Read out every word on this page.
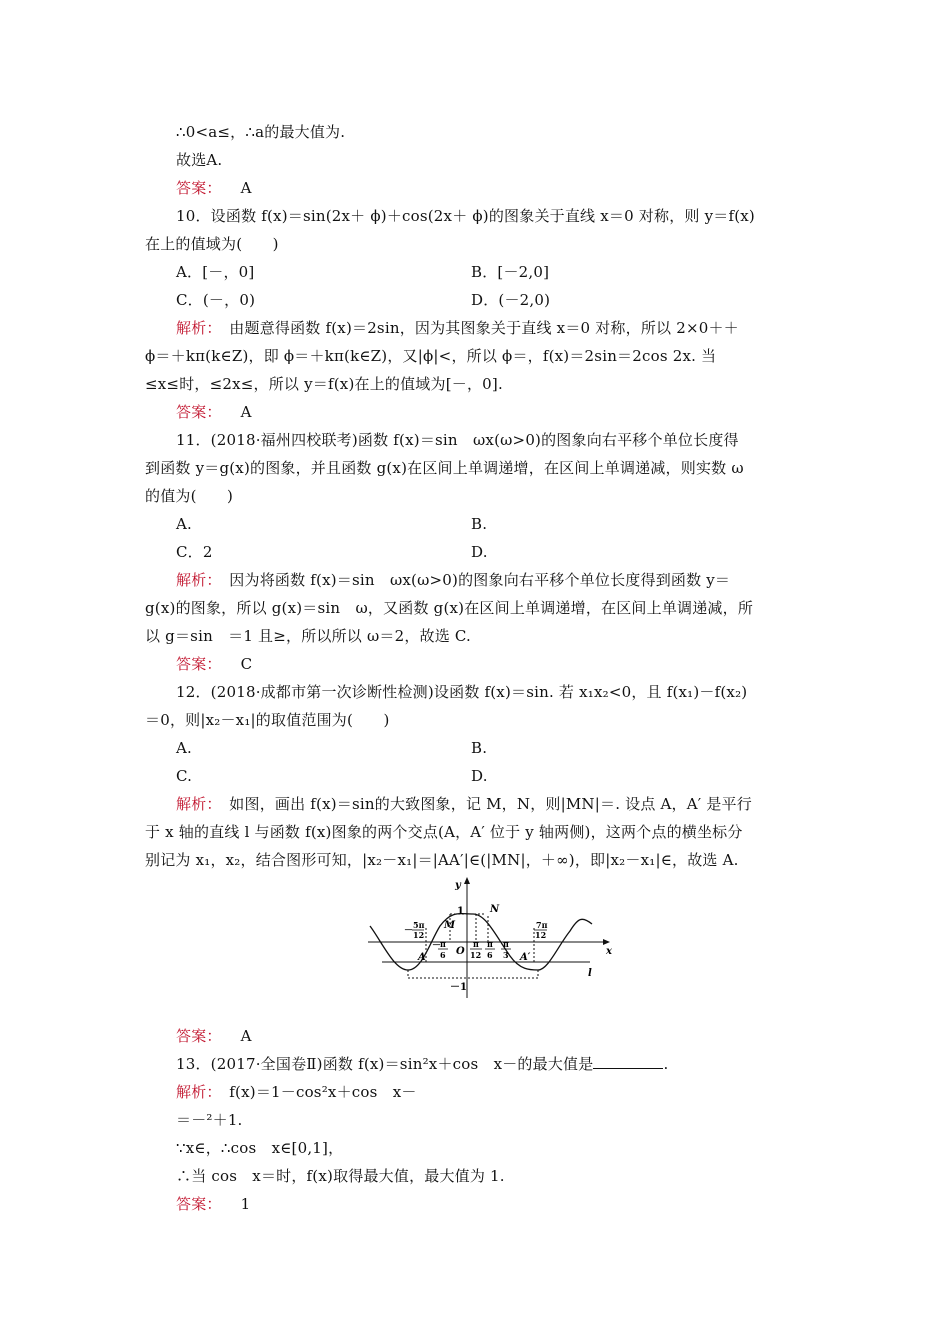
∴0<a≤，∴a的最大值为.
故选A.
答案： A
10．设函数 f(x)＝sin(2x＋ ϕ)＋cos(2x＋ ϕ)的图象关于直线 x＝0 对称，则 y＝f(x)
在上的值域为(　　)
A．[－，0]	B．[－2,0]
C．(－，0)	D．(－2,0)
解析：　由题意得函数 f(x)＝2sin，因为其图象关于直线 x＝0 对称，所以 2×0＋＋
ϕ＝＋kπ(k∈Z)，即 ϕ＝＋kπ(k∈Z)，又|ϕ|<，所以 ϕ＝，f(x)＝2sin＝2cos 2x. 当
≤x≤时，≤2x≤，所以 y＝f(x)在上的值域为[－，0].
答案： A
11．(2018·福州四校联考)函数 f(x)＝sin　ωx(ω>0)的图象向右平移个单位长度得
到函数 y＝g(x)的图象，并且函数 g(x)在区间上单调递增，在区间上单调递减，则实数 ω
的值为(　　)
A.	B.
C．2	D.
解析：　因为将函数 f(x)＝sin　ωx(ω>0)的图象向右平移个单位长度得到函数 y＝
g(x)的图象，所以 g(x)＝sin　ω，又函数 g(x)在区间上单调递增，在区间上单调递减，所
以 g＝sin　＝1 且≥，所以所以 ω＝2，故选 C.
答案： C
12．(2018·成都市第一次诊断性检测)设函数 f(x)＝sin. 若 x₁x₂<0，且 f(x₁)－f(x₂)
＝0，则|x₂－x₁|的取值范围为(　　)
A.	B.
C.	D.
解析：　如图，画出 f(x)＝sin的大致图象，记 M，N，则|MN|＝. 设点 A，A′ 是平行
于 x 轴的直线 l 与函数 f(x)图象的两个交点(A，A′ 位于 y 轴两侧)，这两个点的横坐标分
别记为 x₁，x₂，结合图形可知，|x₂－x₁|＝|AA′|∈(|MN|，＋∞)，即|x₂－x₁|∈，故选 A.
y
x
1
－1
M
N
O
A	A′
l
－
5π
12
－
π
6
π
12
π
6
π
3
7π
12
答案： A
13．(2017·全国卷Ⅱ)函数 f(x)＝sin²x＋cos　x－的最大值是	.
解析：　f(x)＝1－cos²x＋cos　x－
＝－²＋1.
∵x∈，∴cos　x∈[0,1]，
∴当 cos　x＝时，f(x)取得最大值，最大值为 1.
答案： 1
